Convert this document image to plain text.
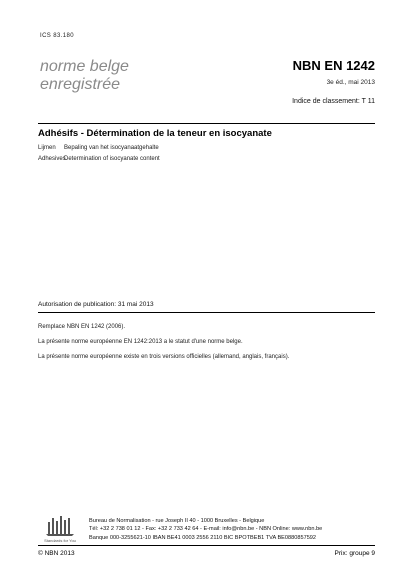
ICS 83.180
norme belge
enregistrée
NBN EN 1242
3e éd., mai 2013
Indice de classement: T 11
Adhésifs - Détermination de la teneur en isocyanate
Lijmen Bepaling van het isocyanaatgehalte
AdhesivesDetermination of isocyanate content
Autorisation de publication: 31 mai 2013
Remplace NBN EN 1242 (2006).
La présente norme européenne EN 1242:2013 a le statut d'une norme belge.
La présente norme européenne existe en trois versions officielles (allemand, anglais, français).
Standards for You
Bureau de Normalisation - rue Joseph II 40 - 1000 Bruxelles - Belgique
Tél: +32 2 738 01 12 - Fax: +32 2 733 42 64 - E-mail: info@nbn.be - NBN Online: www.nbn.be
Banque 000-3255621-10 IBAN BE41 0003 2556 2110 BIC BPOTBEB1 TVA BE0880857592
© NBN 2013	Prix: groupe 9
